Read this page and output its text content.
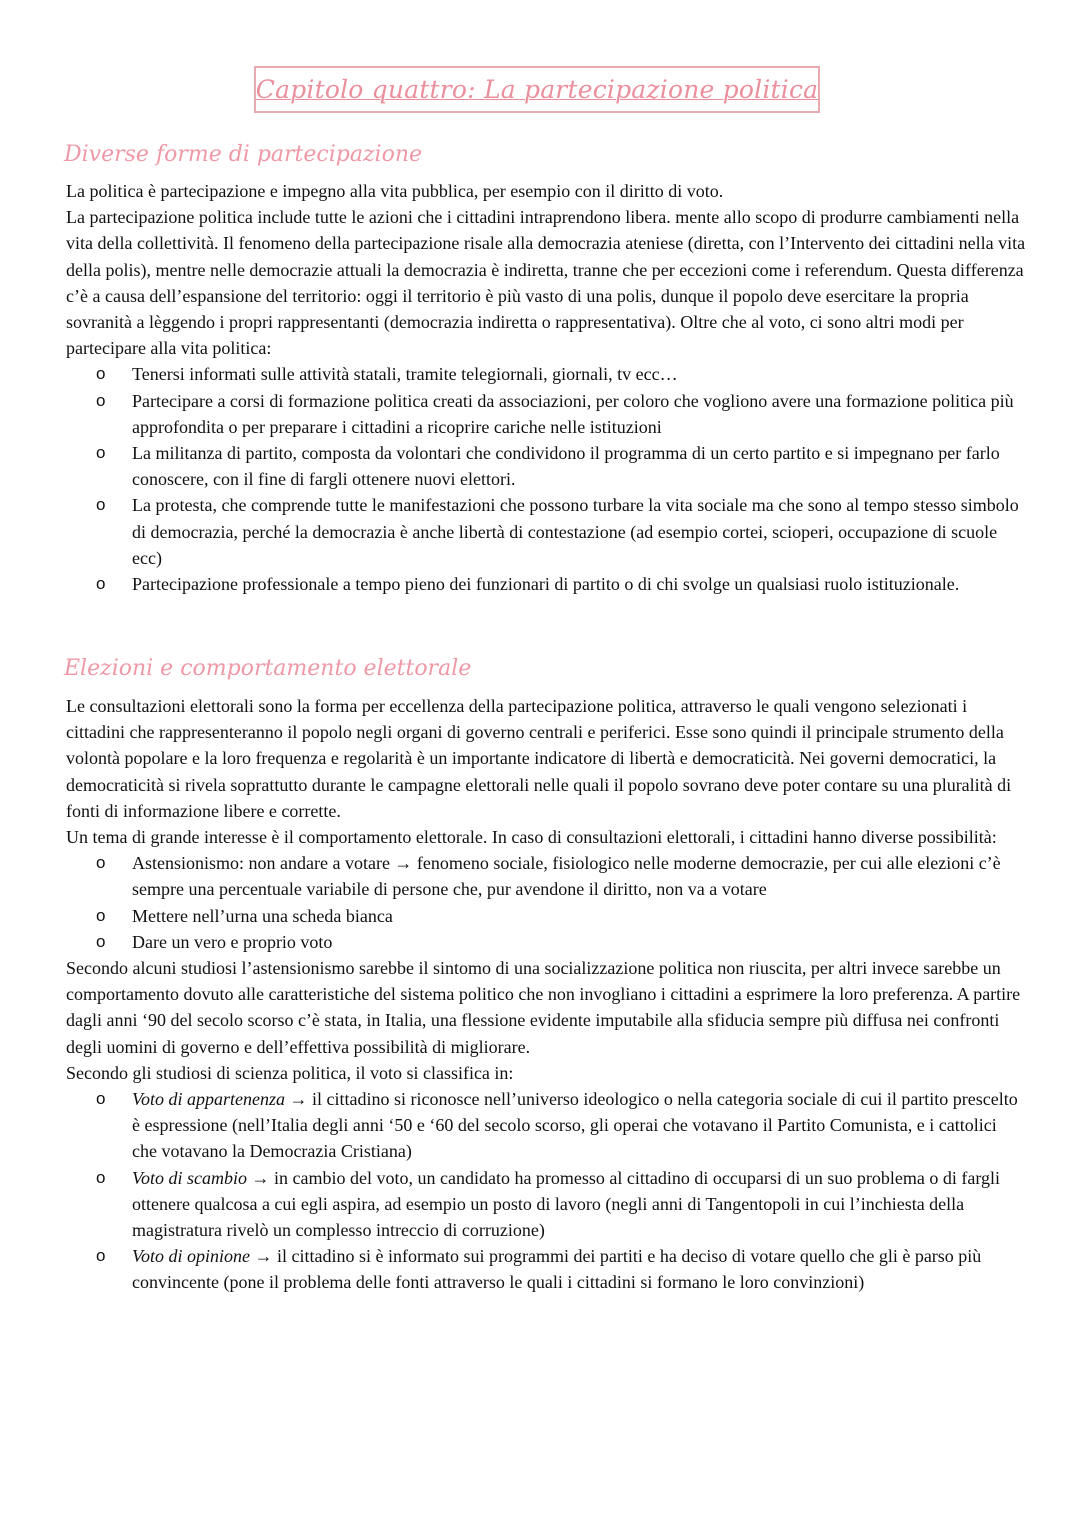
Capitolo quattro: La partecipazione politica
Diverse forme di partecipazione

La politica è partecipazione e impegno alla vita pubblica, per esempio con il diritto di voto.

La partecipazione politica include tutte le azioni che i cittadini intraprendono libera. mente allo scopo di produrre cambiamenti nella vita della collettività. Il fenomeno della partecipazione risale alla democrazia ateniese (diretta, con l’Intervento dei cittadini nella vita della polis), mentre nelle democrazie attuali la democrazia è indiretta, tranne che per eccezioni come i referendum. Questa differenza c’è a causa dell’espansione del territorio: oggi il territorio è più vasto di una polis, dunque il popolo deve esercitare la propria sovranità a lèggendo i propri rappresentanti (democrazia indiretta o rappresentativa). Oltre che al voto, ci sono altri modi per partecipare alla vita politica:

o Tenersi informati sulle attività statali, tramite telegiornali, giornali, tv ecc…
o Partecipare a corsi di formazione politica creati da associazioni, per coloro che vogliono avere una formazione politica più approfondita o per preparare i cittadini a ricoprire cariche nelle istituzioni
o La militanza di partito, composta da volontari che condividono il programma di un certo partito e si impegnano per farlo conoscere, con il fine di fargli ottenere nuovi elettori.
o La protesta, che comprende tutte le manifestazioni che possono turbare la vita sociale ma che sono al tempo stesso simbolo di democrazia, perché la democrazia è anche libertà di contestazione (ad esempio cortei, scioperi, occupazione di scuole ecc)
o Partecipazione professionale a tempo pieno dei funzionari di partito o di chi svolge un qualsiasi ruolo istituzionale.
Elezioni e comportamento elettorale

Le consultazioni elettorali sono la forma per eccellenza della partecipazione politica, attraverso le quali vengono selezionati i cittadini che rappresenteranno il popolo negli organi di governo centrali e periferici. Esse sono quindi il principale strumento della volontà popolare e la loro frequenza e regolarità è un importante indicatore di libertà e democraticità. Nei governi democratici, la democraticità si rivela soprattutto durante le campagne elettorali nelle quali il popolo sovrano deve poter contare su una pluralità di fonti di informazione libere e corrette.

Un tema di grande interesse è il comportamento elettorale. In caso di consultazioni elettorali, i cittadini hanno diverse possibilità:

o Astensionismo: non andare a votare → fenomeno sociale, fisiologico nelle moderne democrazie, per cui alle elezioni c’è sempre una percentuale variabile di persone che, pur avendone il diritto, non va a votare
o Mettere nell’urna una scheda bianca
o Dare un vero e proprio voto

Secondo alcuni studiosi l’astensionismo sarebbe il sintomo di una socializzazione politica non riuscita, per altri invece sarebbe un comportamento dovuto alle caratteristiche del sistema politico che non invogliano i cittadini a esprimere la loro preferenza. A partire dagli anni ‘90 del secolo scorso c’è stata, in Italia, una flessione evidente imputabile alla sfiducia sempre più diffusa nei confronti degli uomini di governo e dell’effettiva possibilità di migliorare.

Secondo gli studiosi di scienza politica, il voto si classifica in:

o Voto di appartenenza → il cittadino si riconosce nell’universo ideologico o nella categoria sociale di cui il partito prescelto è espressione (nell’Italia degli anni ‘50 e ‘60 del secolo scorso, gli operai che votavano il Partito Comunista, e i cattolici che votavano la Democrazia Cristiana)
o Voto di scambio → in cambio del voto, un candidato ha promesso al cittadino di occuparsi di un suo problema o di fargli ottenere qualcosa a cui egli aspira, ad esempio un posto di lavoro (negli anni di Tangentopoli in cui l’inchiesta della magistratura rivelò un complesso intreccio di corruzione)
o Voto di opinione → il cittadino si è informato sui programmi dei partiti e ha deciso di votare quello che gli è parso più convincente (pone il problema delle fonti attraverso le quali i cittadini si formano le loro convinzioni)
